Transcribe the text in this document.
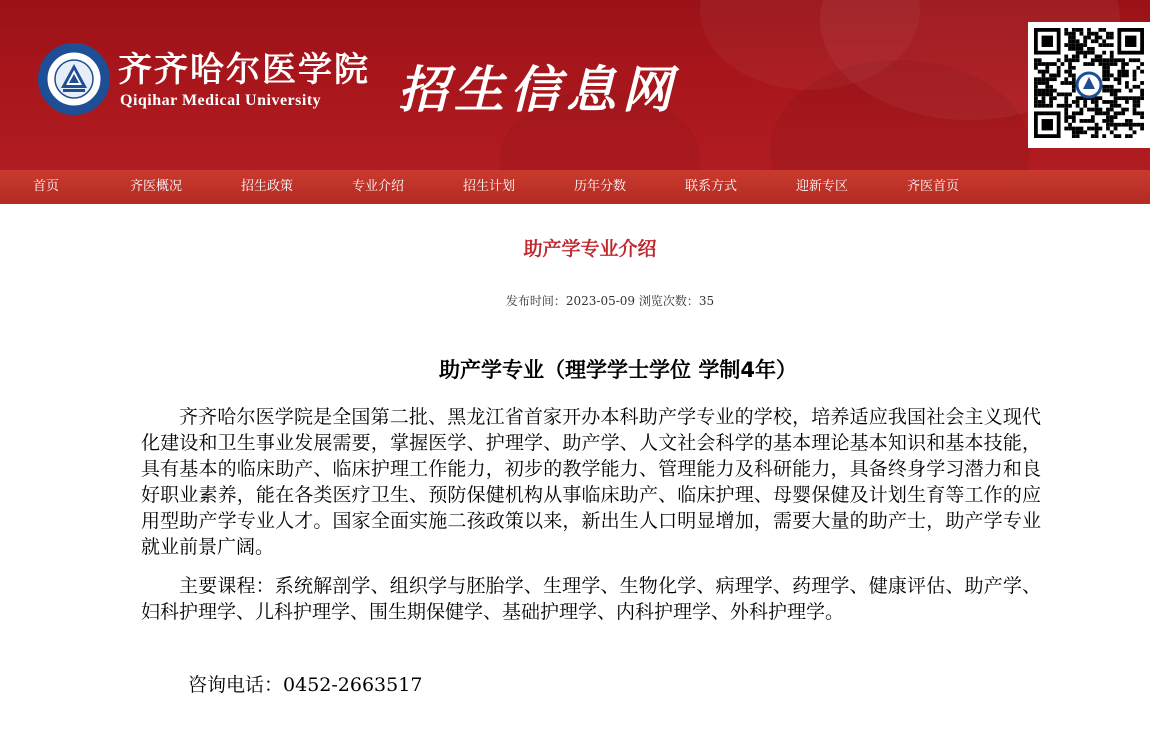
齐齐哈尔医学院
Qiqihar Medical University 招生信息网
首页	齐医概况	招生政策	专业介绍	招生计划	历年分数	联系方式	迎新专区	齐医首页
助产学专业介绍
发布时间：2023-05-09 浏览次数：35
助产学专业（理学学士学位 学制4年）

齐齐哈尔医学院是全国第二批、黑龙江省首家开办本科助产学专业的学校，培养适应我国社会主义现代化建设和卫生事业发展需要，掌握医学、护理学、助产学、人文社会科学的基本理论基本知识和基本技能，具有基本的临床助产、临床护理工作能力，初步的教学能力、管理能力及科研能力，具备终身学习潜力和良好职业素养，能在各类医疗卫生、预防保健机构从事临床助产、临床护理、母婴保健及计划生育等工作的应用型助产学专业人才。国家全面实施二孩政策以来，新出生人口明显增加，需要大量的助产士，助产学专业就业前景广阔。

主要课程：系统解剖学、组织学与胚胎学、生理学、生物化学、病理学、药理学、健康评估、助产学、妇科护理学、儿科护理学、围生期保健学、基础护理学、内科护理学、外科护理学。

咨询电话：0452-2663517
